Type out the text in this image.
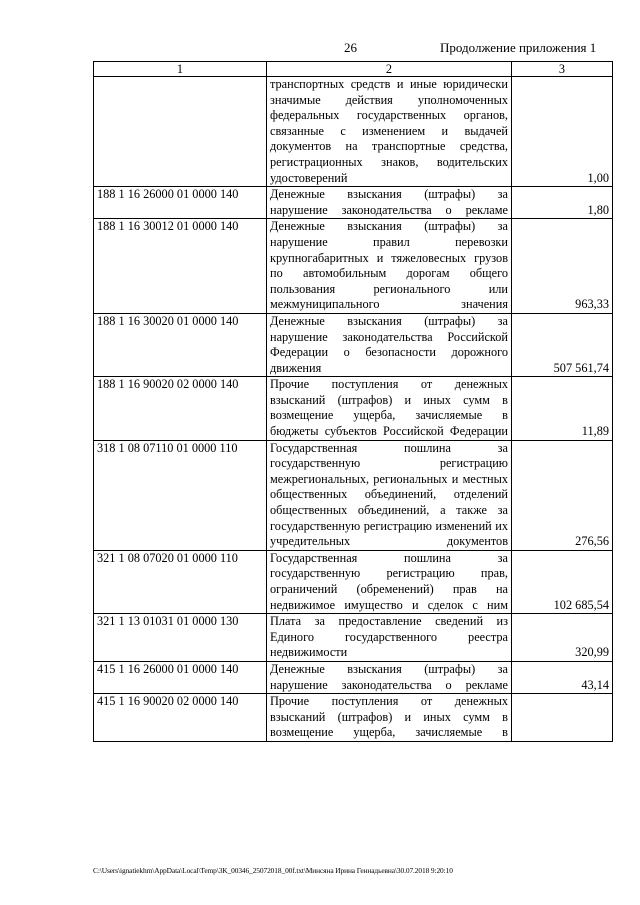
26	Продолжение приложения 1
1	2	3
	транспортных средств и иные юридически значимые действия уполномоченных федеральных государственных органов, связанные с изменением и выдачей документов на транспортные средства, регистрационных знаков, водительских удостоверений	1,00
188 1 16 26000 01 0000 140	Денежные взыскания (штрафы) за нарушение законодательства о рекламе	1,80
188 1 16 30012 01 0000 140	Денежные взыскания (штрафы) за нарушение правил перевозки крупногабаритных и тяжеловесных грузов по автомобильным дорогам общего пользования регионального или межмуниципального значения	963,33
188 1 16 30020 01 0000 140	Денежные взыскания (штрафы) за нарушение законодательства Российской Федерации о безопасности дорожного движения	507 561,74
188 1 16 90020 02 0000 140	Прочие поступления от денежных взысканий (штрафов) и иных сумм в возмещение ущерба, зачисляемые в бюджеты субъектов Российской Федерации	11,89
318 1 08 07110 01 0000 110	Государственная пошлина за государственную регистрацию межрегиональных, региональных и местных общественных объединений, отделений общественных объединений, а также за государственную регистрацию изменений их учредительных документов	276,56
321 1 08 07020 01 0000 110	Государственная пошлина за государственную регистрацию прав, ограничений (обременений) прав на недвижимое имущество и сделок с ним	102 685,54
321 1 13 01031 01 0000 130	Плата за предоставление сведений из Единого государственного реестра недвижимости	320,99
415 1 16 26000 01 0000 140	Денежные взыскания (штрафы) за нарушение законодательства о рекламе	43,14
415 1 16 90020 02 0000 140	Прочие поступления от денежных взысканий (штрафов) и иных сумм в возмещение ущерба, зачисляемые в	
C:\Users\ignatiekhm\AppData\Local\Temp\3K_00346_25072018_00f.txt\Минсяна Ирина Геннадьевна\30.07.2018 9:20:10
